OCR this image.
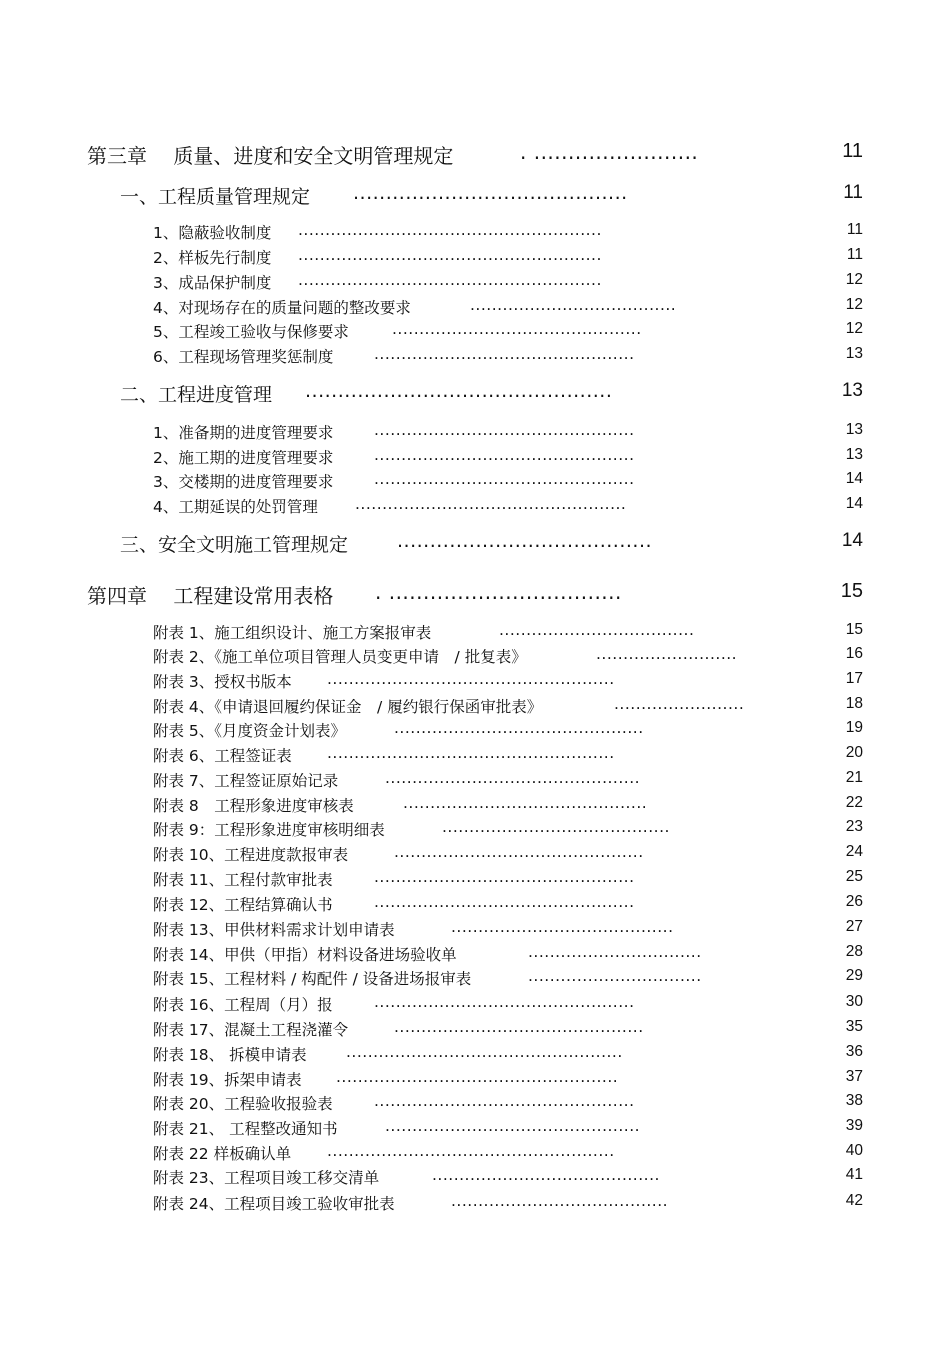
第三章　 质量、进度和安全文明管理规定	. ........................	11
一、工程质量管理规定 ..........................................	11
1、隐蔽验收制度 ........................................................	11
2、样板先行制度 ........................................................	11
3、成品保护制度 ........................................................	12
4、对现场存在的质量问题的整改要求	......................................	12
5、工程竣工验收与保修要求	..............................................	12
6、工程现场管理奖惩制度	................................................	13
二、工程进度管理 ...............................................	13
1、准备期的进度管理要求	................................................	13
2、施工期的进度管理要求	................................................	13
3、交楼期的进度管理要求	................................................	14
4、工期延误的处罚管理 ..................................................	14
三、安全文明施工管理规定	.......................................	14
第四章　 工程建设常用表格 . ..................................	15
附表 1、施工组织设计、施工方案报审表	....................................	15
附表 2、《施工单位项目管理人员变更申请　/ 批复表》	..........................	16
附表 3、授权书版本 .....................................................	17
附表 4、《申请退回履约保证金　/ 履约银行保函审批表》	........................	18
附表 5、《月度资金计划表》	..............................................	19
附表 6、工程签证表 .....................................................	20
附表 7、工程签证原始记录	...............................................	21
附表 8　工程形象进度审核表	.............................................	22
附表 9：工程形象进度审核明细表	..........................................	23
附表 10、工程进度款报审表	..............................................	24
附表 11、工程付款审批表	................................................	25
附表 12、工程结算确认书	................................................	26
附表 13、甲供材料需求计划申请表	.........................................	27
附表 14、甲供（甲指）材料设备进场验收单	................................	28
附表 15、工程材料 / 构配件 / 设备进场报审表	................................	29
附表 16、工程周（月）报	................................................	30
附表 17、混凝土工程浇灌令	..............................................	35
附表 18、 拆模申请表	...................................................	36
附表 19、拆架申请表 ....................................................	37
附表 20、工程验收报验表	................................................	38
附表 21、 工程整改通知书	...............................................	39
附表 22 样板确认单 .....................................................	40
附表 23、工程项目竣工移交清单	..........................................	41
附表 24、工程项目竣工验收审批表	........................................	42
